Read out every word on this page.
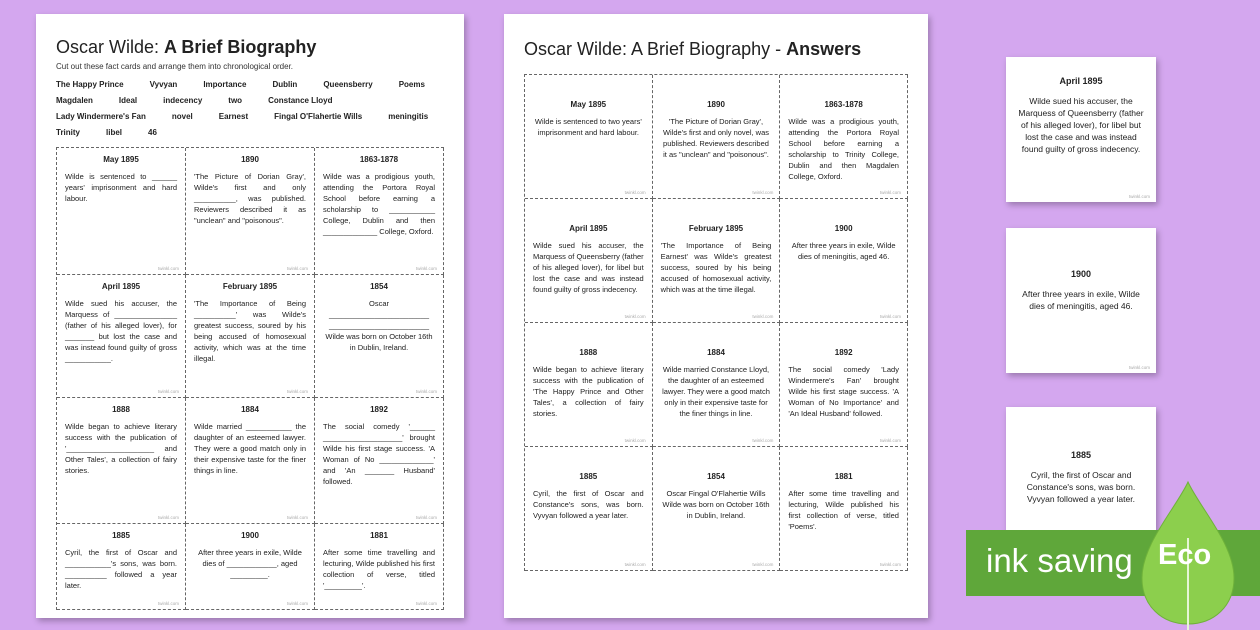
Oscar Wilde: A Brief Biography
Cut out these fact cards and arrange them into chronological order.
The Happy Prince	Vyvyan	Importance	Dublin	Queensberry	Poems
Magdalen	Ideal	indecency	two	Constance Lloyd
Lady Windermere's Fan	novel	Earnest	Fingal O'Flahertie Wills	meningitis
Trinity	libel	46
May 1895
Wilde is sentenced to ______ years' imprisonment and hard labour.
twinkl.com
1890
'The Picture of Dorian Gray', Wilde's first and only __________, was published. Reviewers described it as "unclean" and "poisonous".
twinkl.com
1863-1878
Wilde was a prodigious youth, attending the Portora Royal School before earning a scholarship to ___________ College, Dublin and then _____________ College, Oxford.
twinkl.com
April 1895
Wilde sued his accuser, the Marquess of _______________ (father of his alleged lover), for _______ but lost the case and was instead found guilty of gross ___________.
twinkl.com
February 1895
'The Importance of Being __________' was Wilde's greatest success, soured by his being accused of homosexual activity, which was at the time illegal.
twinkl.com
1854
Oscar ________________________ ________________________ Wilde was born on October 16th in Dublin, Ireland.
twinkl.com
1888
Wilde began to achieve literary success with the publication of '_____________________ and Other Tales', a collection of fairy stories.
twinkl.com
1884
Wilde married ___________ the daughter of an esteemed lawyer. They were a good match only in their expensive taste for the finer things in line.
twinkl.com
1892
The social comedy '______ ___________________' brought Wilde his first stage success. 'A Woman of No _____________' and 'An _______ Husband' followed.
twinkl.com
1885
Cyril, the first of Oscar and ___________'s sons, was born. __________ followed a year later.
twinkl.com
1900
After three years in exile, Wilde dies of ____________, aged _________.
twinkl.com
1881
After some time travelling and lecturing, Wilde published his first collection of verse, titled '_________'.
twinkl.com
Oscar Wilde: A Brief Biography - Answers
May 1895
Wilde is sentenced to two years' imprisonment and hard labour.
twinkl.com
1890
'The Picture of Dorian Gray', Wilde's first and only novel, was published. Reviewers described it as "unclean" and "poisonous".
twinkl.com
1863-1878
Wilde was a prodigious youth, attending the Portora Royal School before earning a scholarship to Trinity College, Dublin and then Magdalen College, Oxford.
twinkl.com
April 1895
Wilde sued his accuser, the Marquess of Queensberry (father of his alleged lover), for libel but lost the case and was instead found guilty of gross indecency.
twinkl.com
February 1895
'The Importance of Being Earnest' was Wilde's greatest success, soured by his being accused of homosexual activity, which was at the time illegal.
twinkl.com
1900
After three years in exile, Wilde dies of meningitis, aged 46.
twinkl.com
1888
Wilde began to achieve literary success with the publication of 'The Happy Prince and Other Tales', a collection of fairy stories.
twinkl.com
1884
Wilde married Constance Lloyd, the daughter of an esteemed lawyer. They were a good match only in their expensive taste for the finer things in line.
twinkl.com
1892
The social comedy 'Lady Windermere's Fan' brought Wilde his first stage success. 'A Woman of No Importance' and 'An Ideal Husband' followed.
twinkl.com
1885
Cyril, the first of Oscar and Constance's sons, was born. Vyvyan followed a year later.
twinkl.com
1854
Oscar Fingal O'Flahertie Wills Wilde was born on October 16th in Dublin, Ireland.
twinkl.com
1881
After some time travelling and lecturing, Wilde published his first collection of verse, titled 'Poems'.
twinkl.com
April 1895
Wilde sued his accuser, the Marquess of Queensberry (father of his alleged lover), for libel but lost the case and was instead found guilty of gross indecency.
twinkl.com
1900
After three years in exile, Wilde dies of meningitis, aged 46.
twinkl.com
1885
Cyril, the first of Oscar and Constance's sons, was born. Vyvyan followed a year later.
ink saving Eco
